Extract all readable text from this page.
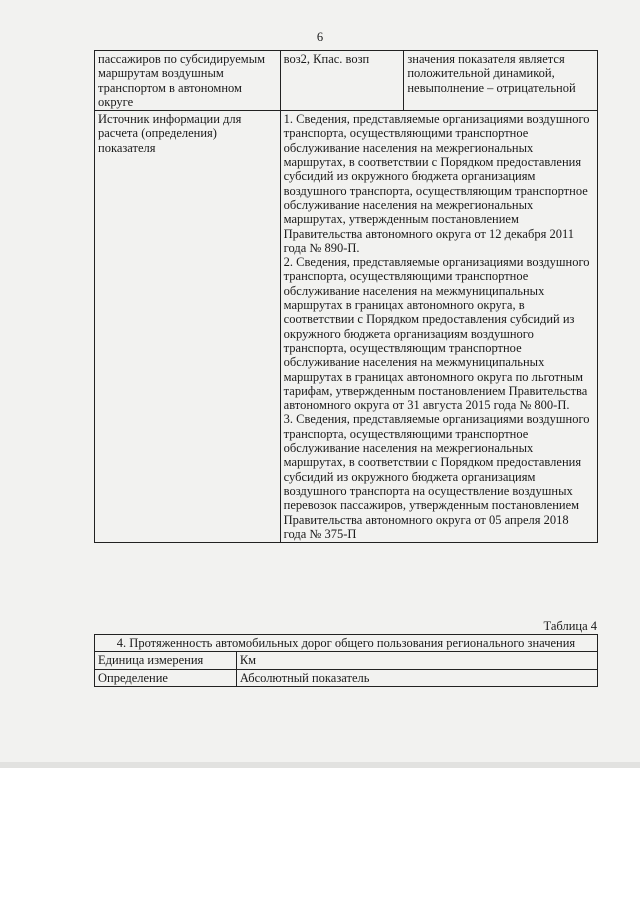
6
пассажиров по субсидируемым маршрутам воздушным транспортом в автономном округе	воз2, Кпас. возп	значения показателя является положительной динамикой, невыполнение – отрицательной
Источник информации для расчета (определения) показателя	1. Сведения, представляемые организациями воздушного транспорта, осуществляющими транспортное обслуживание населения на межрегиональных маршрутах, в соответствии с Порядком предоставления субсидий из окружного бюджета организациям воздушного транспорта, осуществляющим транспортное обслуживание населения на межрегиональных маршрутах, утвержденным постановлением Правительства автономного округа от 12 декабря 2011 года № 890-П.
2. Сведения, представляемые организациями воздушного транспорта, осуществляющими транспортное обслуживание населения на межмуниципальных маршрутах в границах автономного округа, в соответствии с Порядком предоставления субсидий из окружного бюджета организациям воздушного транспорта, осуществляющим транспортное обслуживание населения на межмуниципальных маршрутах в границах автономного округа по льготным тарифам, утвержденным постановлением Правительства автономного округа от 31 августа 2015 года № 800-П.
3. Сведения, представляемые организациями воздушного транспорта, осуществляющими транспортное обслуживание населения на межрегиональных маршрутах, в соответствии с Порядком предоставления субсидий из окружного бюджета организациям воздушного транспорта на осуществление воздушных перевозок пассажиров, утвержденным постановлением Правительства автономного округа от 05 апреля 2018 года № 375-П	
Таблица 4
4. Протяженность автомобильных дорог общего пользования регионального значения	
Единица измерения	Км
Определение	Абсолютный показатель
